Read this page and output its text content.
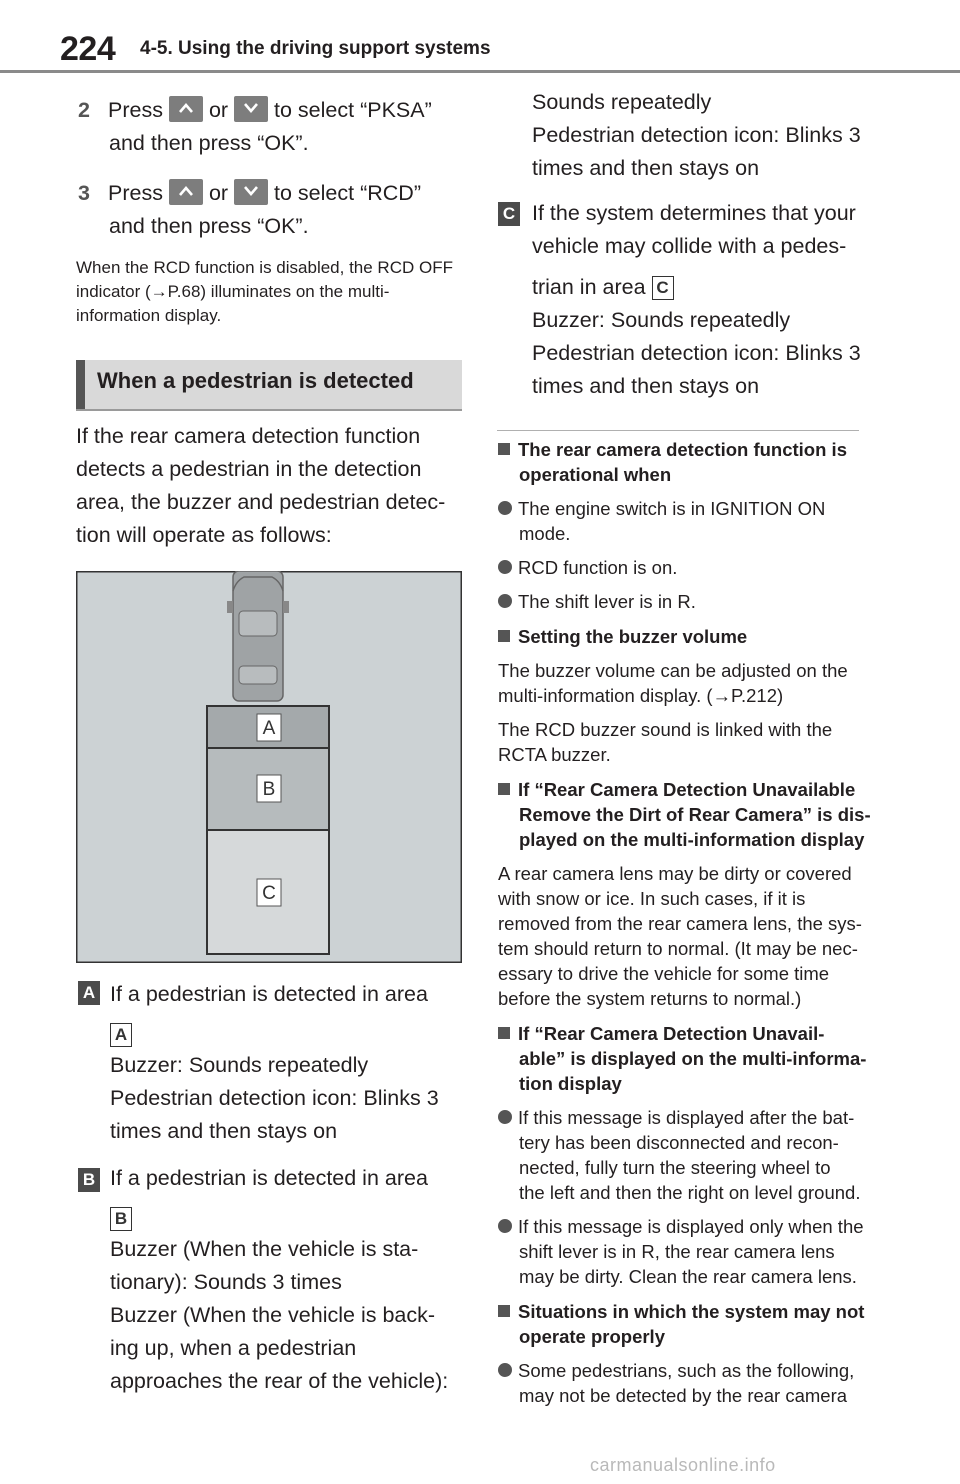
224 4-5. Using the driving support systems
2 Press or to select “PKSA”
and then press “OK”.
3 Press or to select “RCD”
and then press “OK”.
When the RCD function is disabled, the RCD OFF indicator (→P.68) illuminates on the multi-information display.
When a pedestrian is detected
If the rear camera detection function
detects a pedestrian in the detection
area, the buzzer and pedestrian detec-
tion will operate as follows:
A
B
C
A If a pedestrian is detected in area
A
Buzzer: Sounds repeatedly
Pedestrian detection icon: Blinks 3
times and then stays on
B If a pedestrian is detected in area
B
Buzzer (When the vehicle is sta-
tionary): Sounds 3 times
Buzzer (When the vehicle is back-
ing up, when a pedestrian
approaches the rear of the vehicle):
Sounds repeatedly
Pedestrian detection icon: Blinks 3
times and then stays on
C If the system determines that your
vehicle may collide with a pedes-
trian in area C
Buzzer: Sounds repeatedly
Pedestrian detection icon: Blinks 3
times and then stays on
The rear camera detection function is
operational when
The engine switch is in IGNITION ON
mode.
RCD function is on.
The shift lever is in R.
Setting the buzzer volume
The buzzer volume can be adjusted on the
multi-information display. (→P.212)
The RCD buzzer sound is linked with the
RCTA buzzer.
If “Rear Camera Detection Unavailable
Remove the Dirt of Rear Camera” is dis-
played on the multi-information display
A rear camera lens may be dirty or covered
with snow or ice. In such cases, if it is
removed from the rear camera lens, the sys-
tem should return to normal. (It may be nec-
essary to drive the vehicle for some time
before the system returns to normal.)
If “Rear Camera Detection Unavail-
able” is displayed on the multi-informa-
tion display
If this message is displayed after the bat-
tery has been disconnected and recon-
nected, fully turn the steering wheel to
the left and then the right on level ground.
If this message is displayed only when the
shift lever is in R, the rear camera lens
may be dirty. Clean the rear camera lens.
Situations in which the system may not
operate properly
Some pedestrians, such as the following,
may not be detected by the rear camera
carmanualsonline.info
